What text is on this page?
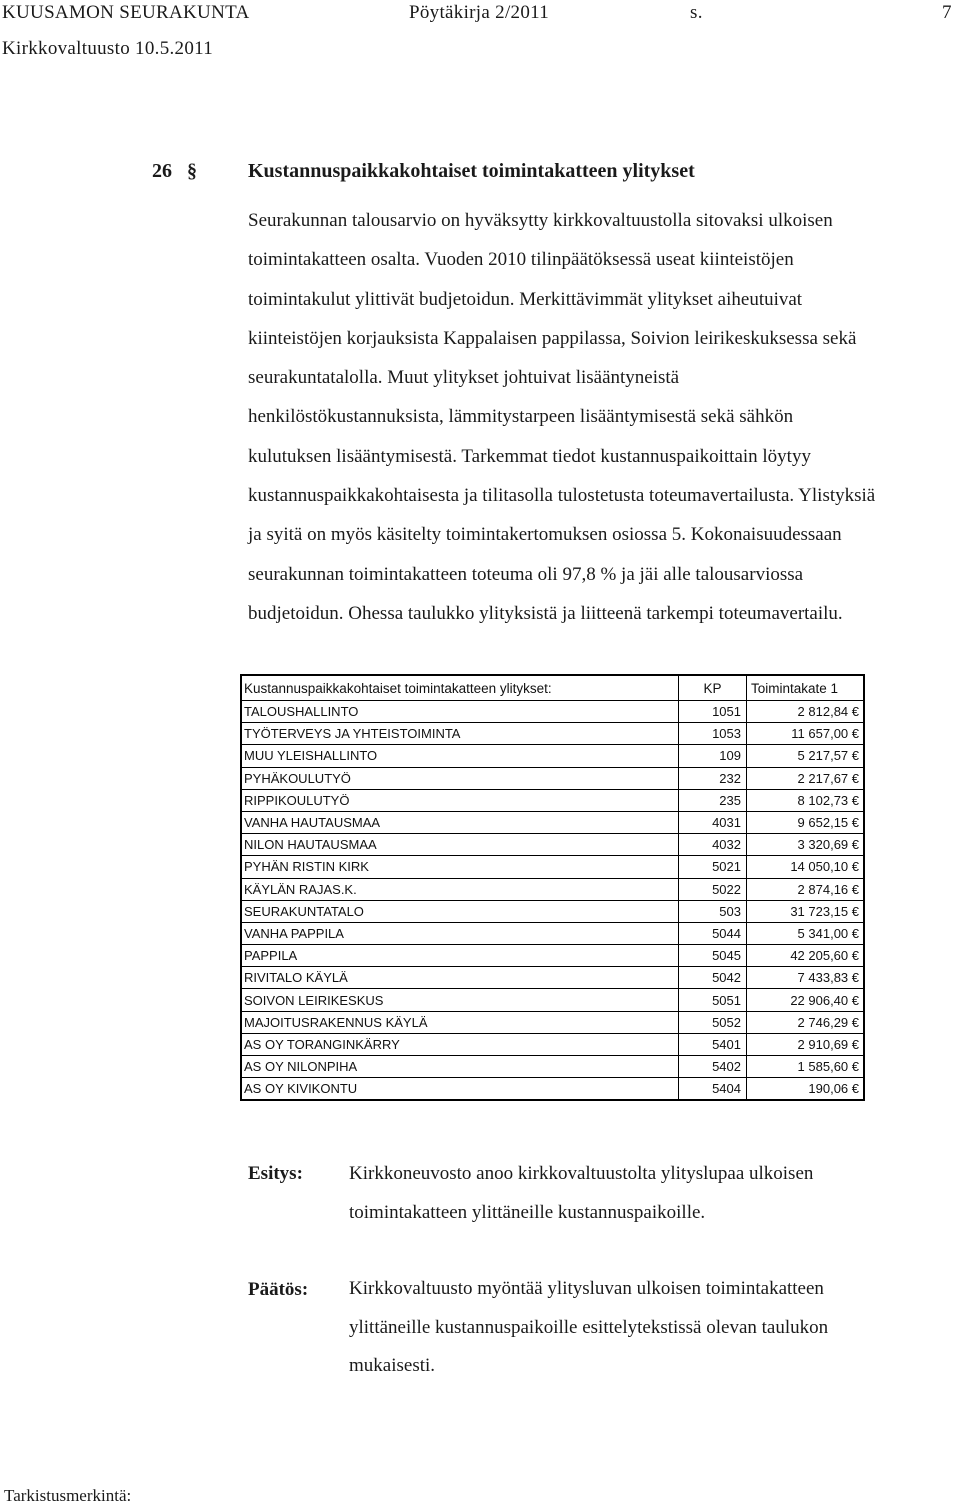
KUUSAMON SEURAKUNTA	Pöytäkirja 2/2011	s.	7
Kirkkovaltuusto 10.5.2011
26 §	Kustannuspaikkakohtaiset toimintakatteen ylitykset
Seurakunnan talousarvio on hyväksytty kirkkovaltuustolla sitovaksi ulkoisen
toimintakatteen osalta. Vuoden 2010 tilinpäätöksessä useat kiinteistöjen
toimintakulut ylittivät budjetoidun. Merkittävimmät ylitykset aiheutuivat
kiinteistöjen korjauksista Kappalaisen pappilassa, Soivion leirikeskuksessa sekä
seurakuntatalolla. Muut ylitykset johtuivat lisääntyneistä
henkilöstökustannuksista, lämmitystarpeen lisääntymisestä sekä sähkön
kulutuksen lisääntymisestä. Tarkemmat tiedot kustannuspaikoittain löytyy
kustannuspaikkakohtaisesta ja tilitasolla tulostetusta toteumavertailusta. Ylistyksiä
ja syitä on myös käsitelty toimintakertomuksen osiossa 5. Kokonaisuudessaan
seurakunnan toimintakatteen toteuma oli 97,8 % ja jäi alle talousarviossa
budjetoidun. Ohessa taulukko ylityksistä ja liitteenä tarkempi toteumavertailu.
Kustannuspaikkakohtaiset toimintakatteen ylitykset:	KP	Toimintakate 1
TALOUSHALLINTO	1051	2 812,84 €
TYÖTERVEYS JA YHTEISTOIMINTA	1053	11 657,00 €
MUU YLEISHALLINTO	109	5 217,57 €
PYHÄKOULUTYÖ	232	2 217,67 €
RIPPIKOULUTYÖ	235	8 102,73 €
VANHA HAUTAUSMAA	4031	9 652,15 €
NILON HAUTAUSMAA	4032	3 320,69 €
PYHÄN RISTIN KIRK	5021	14 050,10 €
KÄYLÄN RAJAS.K.	5022	2 874,16 €
SEURAKUNTATALO	503	31 723,15 €
VANHA PAPPILA	5044	5 341,00 €
PAPPILA	5045	42 205,60 €
RIVITALO KÄYLÄ	5042	7 433,83 €
SOIVON LEIRIKESKUS	5051	22 906,40 €
MAJOITUSRAKENNUS KÄYLÄ	5052	2 746,29 €
AS OY TORANGINKÄRRY	5401	2 910,69 €
AS OY NILONPIHA	5402	1 585,60 €
AS OY KIVIKONTU	5404	190,06 €
Esitys: Kirkkoneuvosto anoo kirkkovaltuustolta ylityslupaa ulkoisen
toimintakatteen ylittäneille kustannuspaikoille.
Päätös: Kirkkovaltuusto myöntää ylitysluvan ulkoisen toimintakatteen
ylittäneille kustannuspaikoille esittelytekstissä olevan taulukon
mukaisesti.
Tarkistusmerkintä:
